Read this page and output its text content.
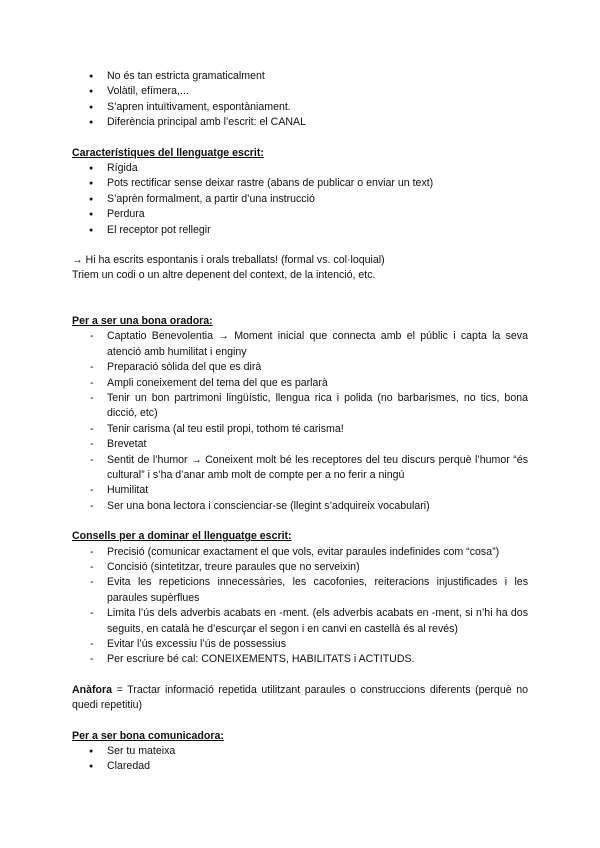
● No és tan estricta gramaticalment
● Volàtil, efímera,...
● S’apren intuïtivament, espontàniament.
● Diferència principal amb l’escrit: el CANAL
Característiques del llenguatge escrit:
● Rígida
● Pots rectificar sense deixar rastre (abans de publicar o enviar un text)
● S’aprèn formalment, a partir d’una instrucció
● Perdura
● El receptor pot rellegir

→ Hi ha escrits espontanis i orals treballats! (formal vs. col·loquial)

Triem un codi o un altre depenent del context, de la intenció, etc.

Per a ser una bona oradora:
- Captatio Benevolentia → Moment inicial que connecta amb el públic i capta la seva atenció amb humilitat i enginy
- Preparació sòlida del que es dirà
- Ampli coneixement del tema del que es parlarà
- Tenir un bon partrimoni lingüístic, llengua rica i polida (no barbarismes, no tics, bona dicció, etc)
- Tenir carisma (al teu estil propi, tothom té carisma!
- Brevetat
- Sentit de l’humor → Coneixent molt bé les receptores del teu discurs perquè l’humor “és cultural” i s’ha d’anar amb molt de compte per a no ferir a ningú
- Humilitat
- Ser una bona lectora i conscienciar-se (llegint s’adquireix vocabulari)
Consells per a dominar el llenguatge escrit:
- Precisió (comunicar exactament el que vols, evitar paraules indefinides com “cosa”)
- Concisió (sintetitzar, treure paraules que no serveixin)
- Evita les repeticions innecessàries, les cacofonies, reiteracions injustificades i les paraules supèrflues
- Limita l’ús dels adverbis acabats en -ment. (els adverbis acabats en -ment, si n’hi ha dos seguits, en català he d’escurçar el segon i en canvi en castellà és al revés)
- Evitar l’ús excessiu l’ús de possessius
- Per escriure bé cal: CONEIXEMENTS, HABILITATS i ACTITUDS.

Anàfora = Tractar informació repetida utilitzant paraules o construccions diferents (perquè no quedi repetitiu)

Per a ser bona comunicadora:
● Ser tu mateixa
● Claredad
